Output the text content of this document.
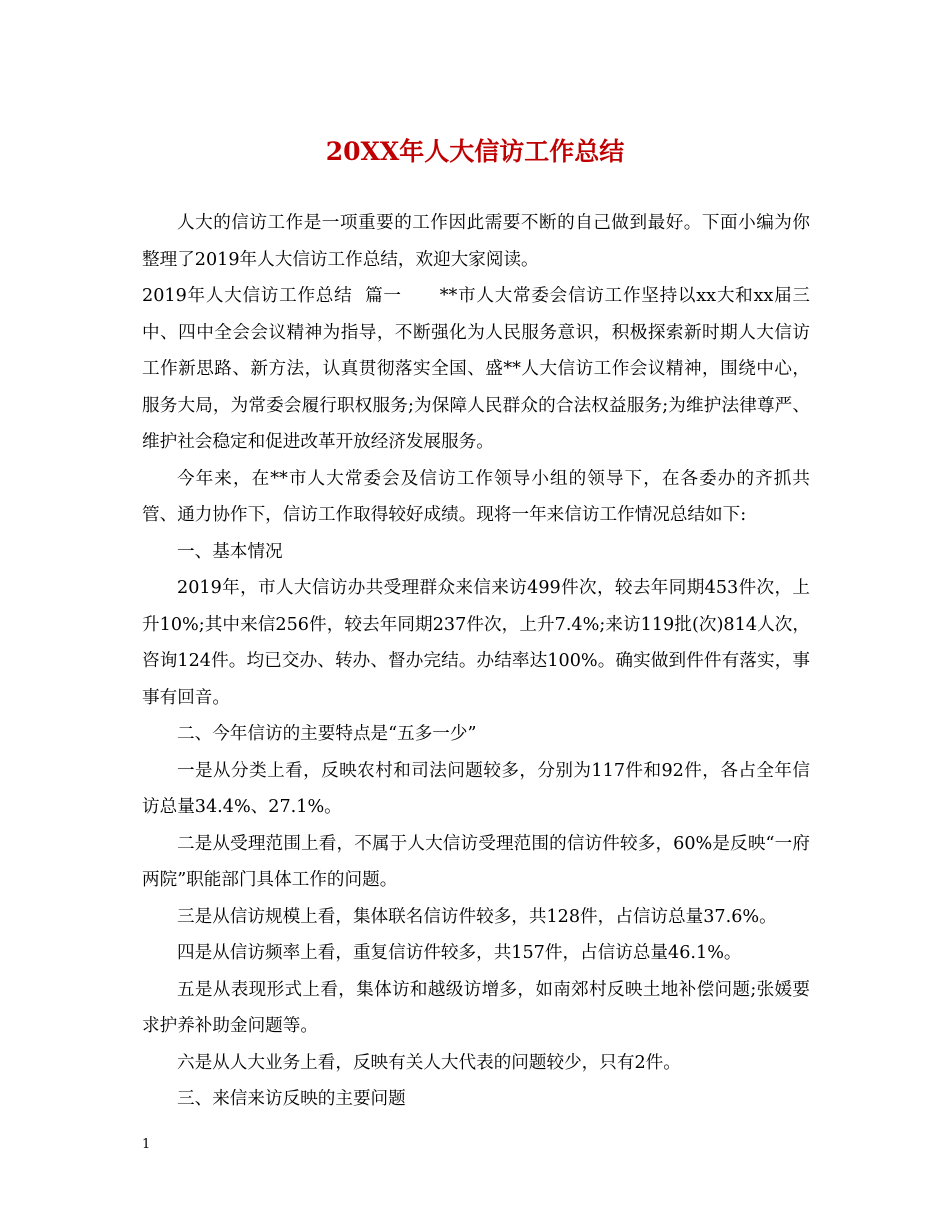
20XX年人大信访工作总结

人大的信访工作是一项重要的工作因此需要不断的自己做到最好。下面小编为你整理了2019年人大信访工作总结，欢迎大家阅读。

2019年人大信访工作总结  篇一      **市人大常委会信访工作坚持以xx大和xx届三中、四中全会会议精神为指导，不断强化为人民服务意识，积极探索新时期人大信访工作新思路、新方法，认真贯彻落实全国、盛**人大信访工作会议精神，围绕中心，服务大局，为常委会履行职权服务;为保障人民群众的合法权益服务;为维护法律尊严、维护社会稳定和促进改革开放经济发展服务。

今年来，在**市人大常委会及信访工作领导小组的领导下，在各委办的齐抓共管、通力协作下，信访工作取得较好成绩。现将一年来信访工作情况总结如下:

一、基本情况

2019年，市人大信访办共受理群众来信来访499件次，较去年同期453件次，上升10%;其中来信256件，较去年同期237件次，上升7.4%;来访119批(次)814人次，咨询124件。均已交办、转办、督办完结。办结率达100%。确实做到件件有落实，事事有回音。

二、今年信访的主要特点是“五多一少”

一是从分类上看，反映农村和司法问题较多，分别为117件和92件，各占全年信访总量34.4%、27.1%。

二是从受理范围上看，不属于人大信访受理范围的信访件较多，60%是反映“一府两院”职能部门具体工作的问题。

三是从信访规模上看，集体联名信访件较多，共128件，占信访总量37.6%。

四是从信访频率上看，重复信访件较多，共157件，占信访总量46.1%。

五是从表现形式上看，集体访和越级访增多，如南郊村反映土地补偿问题;张媛要求护养补助金问题等。

六是从人大业务上看，反映有关人大代表的问题较少，只有2件。

三、来信来访反映的主要问题

1
